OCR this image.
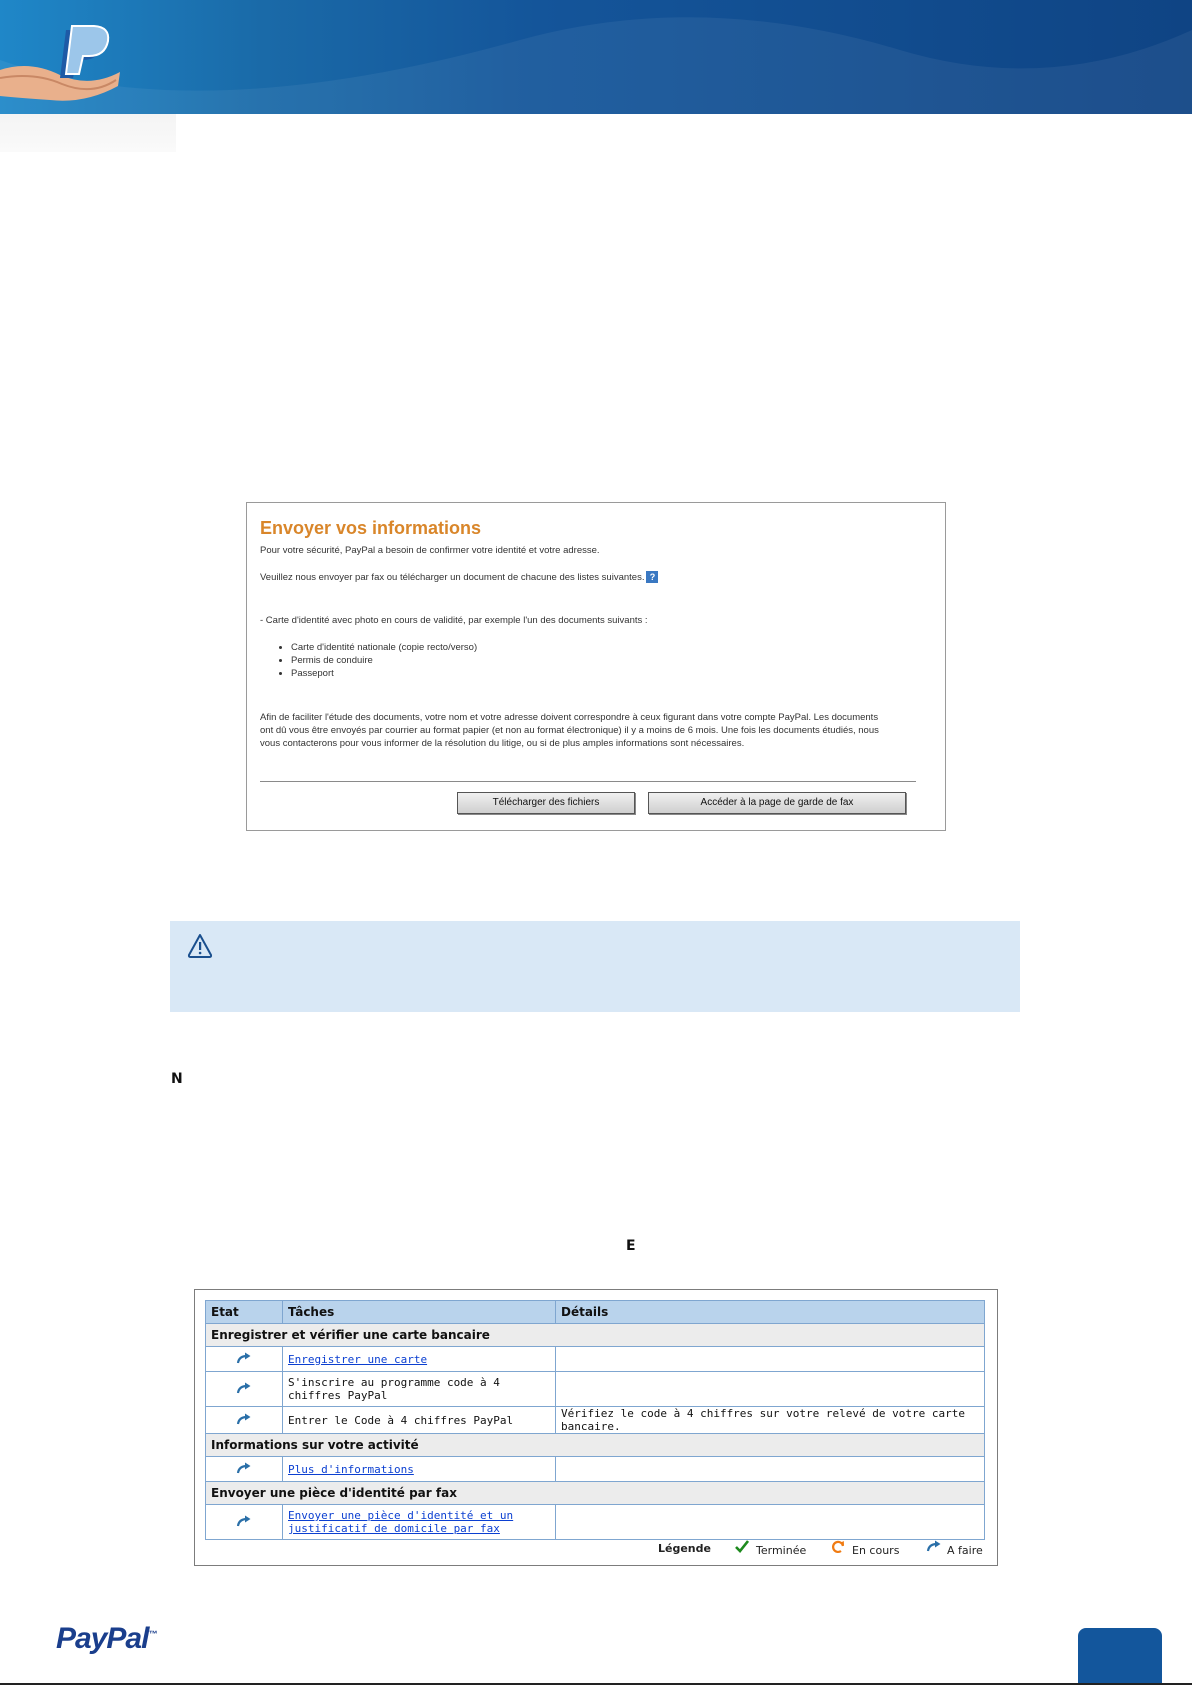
Envoyer vos informations
Pour votre sécurité, PayPal a besoin de confirmer votre identité et votre adresse.
Veuillez nous envoyer par fax ou télécharger un document de chacune des listes suivantes. ?
- Carte d'identité avec photo en cours de validité, par exemple l'un des documents suivants :
• Carte d'identité nationale (copie recto/verso)
• Permis de conduire
• Passeport
Afin de faciliter l'étude des documents, votre nom et votre adresse doivent correspondre à ceux figurant dans votre compte PayPal. Les documents ont dû vous être envoyés par courrier au format papier (et non au format électronique) il y a moins de 6 mois. Une fois les documents étudiés, nous vous contacterons pour vous informer de la résolution du litige, ou si de plus amples informations sont nécessaires.
Télécharger des fichiers	Accéder à la page de garde de fax
N
E
Etat	Tâches	Détails
Enregistrer et vérifier une carte bancaire		
	Enregistrer une carte	
	S'inscrire au programme code à 4 chiffres PayPal	
	Entrer le Code à 4 chiffres PayPal	Vérifiez le code à 4 chiffres sur votre relevé de votre carte bancaire.
Informations sur votre activité		
	Plus d'informations	
Envoyer une pièce d'identité par fax		
	Envoyer une pièce d'identité et un justificatif de domicile par fax	
Légende	Terminée	En cours	A faire
PayPal™
